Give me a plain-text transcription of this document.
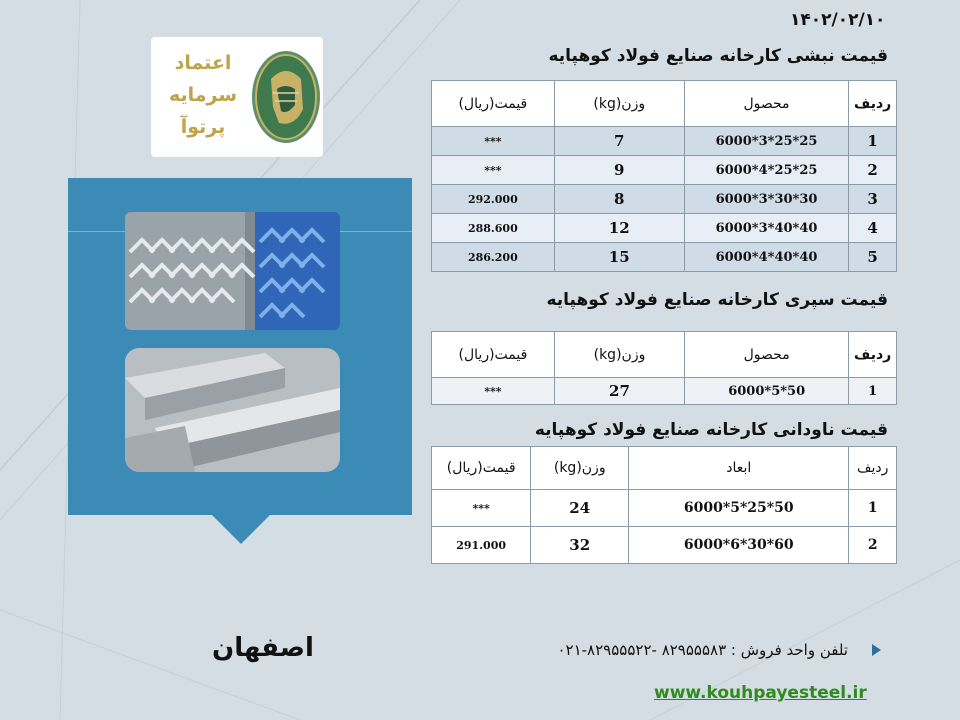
۱۴۰۲/۰۲/۱۰
اعتماد
سرمایه
پرتوآ
قیمت نبشی کارخانه صنایع فولاد کوهپایه
ردیف	محصول	وزن(kg)	قیمت(ریال)
1	25*25*3*6000	7	***
2	25*25*4*6000	9	***
3	30*30*3*6000	8	292.000
4	40*40*3*6000	12	288.600
5	40*40*4*6000	15	286.200
قیمت سپری کارخانه صنایع فولاد کوهپایه
ردیف	محصول	وزن(kg)	قیمت(ریال)
1	50*5*6000	27	***
قیمت ناودانی کارخانه صنایع فولاد کوهپایه
ردیف	ابعاد	وزن(kg)	قیمت(ریال)
1	50*25*5*6000	24	***
2	60*30*6*6000	32	291.000
تلفن واحد فروش : ۸۲۹۵۵۵۸۳ -۸۲۹۵۵۵۲۲-۰۲۱
اصفهان
www.kouhpayesteel.ir
